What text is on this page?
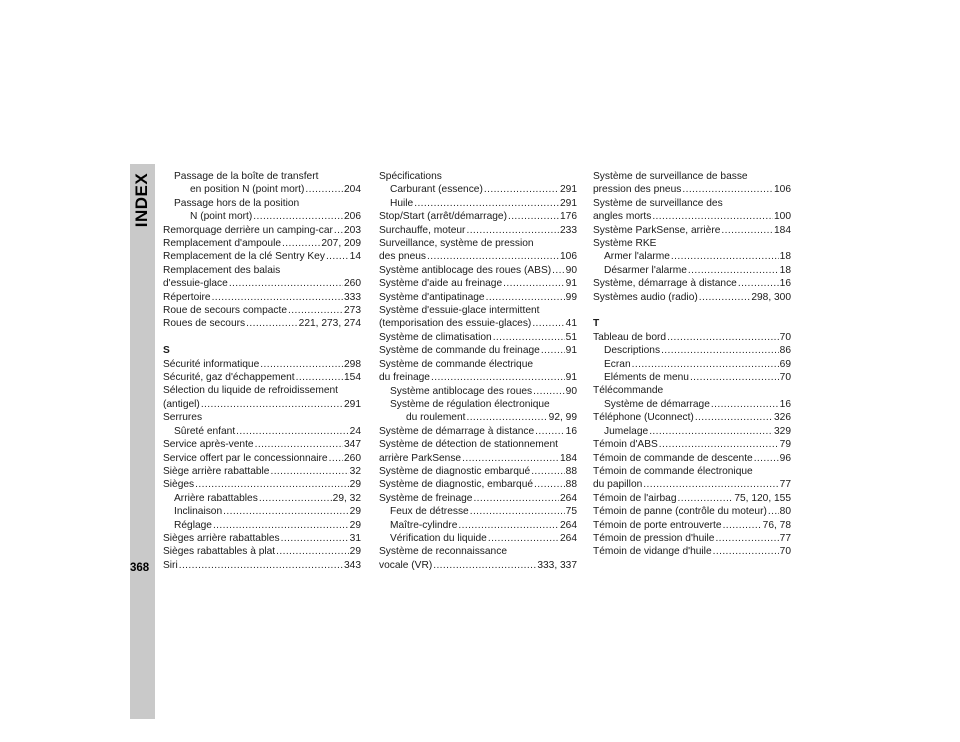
INDEX	Passage de la boîte de transfert
en position N (point mort) .....	204
Passage hors de la position
N (point mort) .....	206
Remorquage derrière un camping-car ..... 203
Remplacement d'ampoule .....	207, 209
Remplacement de la clé Sentry Key ..... 14
Remplacement des balais
d'essuie-glace .....	260
Répertoire .....	333
Roue de secours compacte .....	273
Roues de secours .....	221, 273, 274
S
Sécurité informatique .....	298
Sécurité, gaz d'échappement .....	154
Sélection du liquide de refroidissement
(antigel) .....	291
Serrures
Sûreté enfant .....	24
Service après-vente .....	347
Service offert par le concessionnaire ..... 260
Siège arrière rabattable .....	32
Sièges .....	29
Arrière rabattables .....	29, 32
Inclinaison .....	29
Réglage .....	29
Sièges arrière rabattables .....	31
Sièges rabattables à plat .....	29
Siri .....	343
Spécifications
Carburant (essence) .....	291
Huile .....	291
Stop/Start (arrêt/démarrage) .....	176
Surchauffe, moteur .....	233
Surveillance, système de pression
des pneus .....	106
Système antiblocage des roues (ABS) ..... 90
Système d'aide au freinage .....	91
Système d'antipatinage .....	99
Système d'essuie-glace intermittent
(temporisation des essuie-glaces) .....	41
Système de climatisation .....	51
Système de commande du freinage .....	91
Système de commande électrique
du freinage .....	91
Système antiblocage des roues .....	90
Système de régulation électronique
du roulement .....	92, 99
Système de démarrage à distance .....	16
Système de détection de stationnement
arrière ParkSense .....	184
Système de diagnostic embarqué .....	88
Système de diagnostic, embarqué .....	88
Système de freinage .....	264
Feux de détresse .....	75
Maître-cylindre .....	264
Vérification du liquide .....	264
Système de reconnaissance
vocale (VR) .....	333, 337
Système de surveillance de basse
pression des pneus .....	106
Système de surveillance des
angles morts .....	100
Système ParkSense, arrière .....	184
Système RKE
Armer l'alarme .....	18
Désarmer l'alarme .....	18
Système, démarrage à distance .....	16
Systèmes audio (radio) .....	298, 300
T
Tableau de bord .....	70
Descriptions .....	86
Ecran .....	69
Eléments de menu .....	70
Télécommande
Système de démarrage .....	16
Téléphone (Uconnect) .....	326
Jumelage .....	329
Témoin d'ABS .....	79
Témoin de commande de descente .....	96
Témoin de commande électronique
du papillon .....	77
Témoin de l'airbag .....	75, 120, 155
Témoin de panne (contrôle du moteur) ..... 80
Témoin de porte entrouverte .....	76, 78
Témoin de pression d'huile .....	77
Témoin de vidange d'huile .....	70
368
